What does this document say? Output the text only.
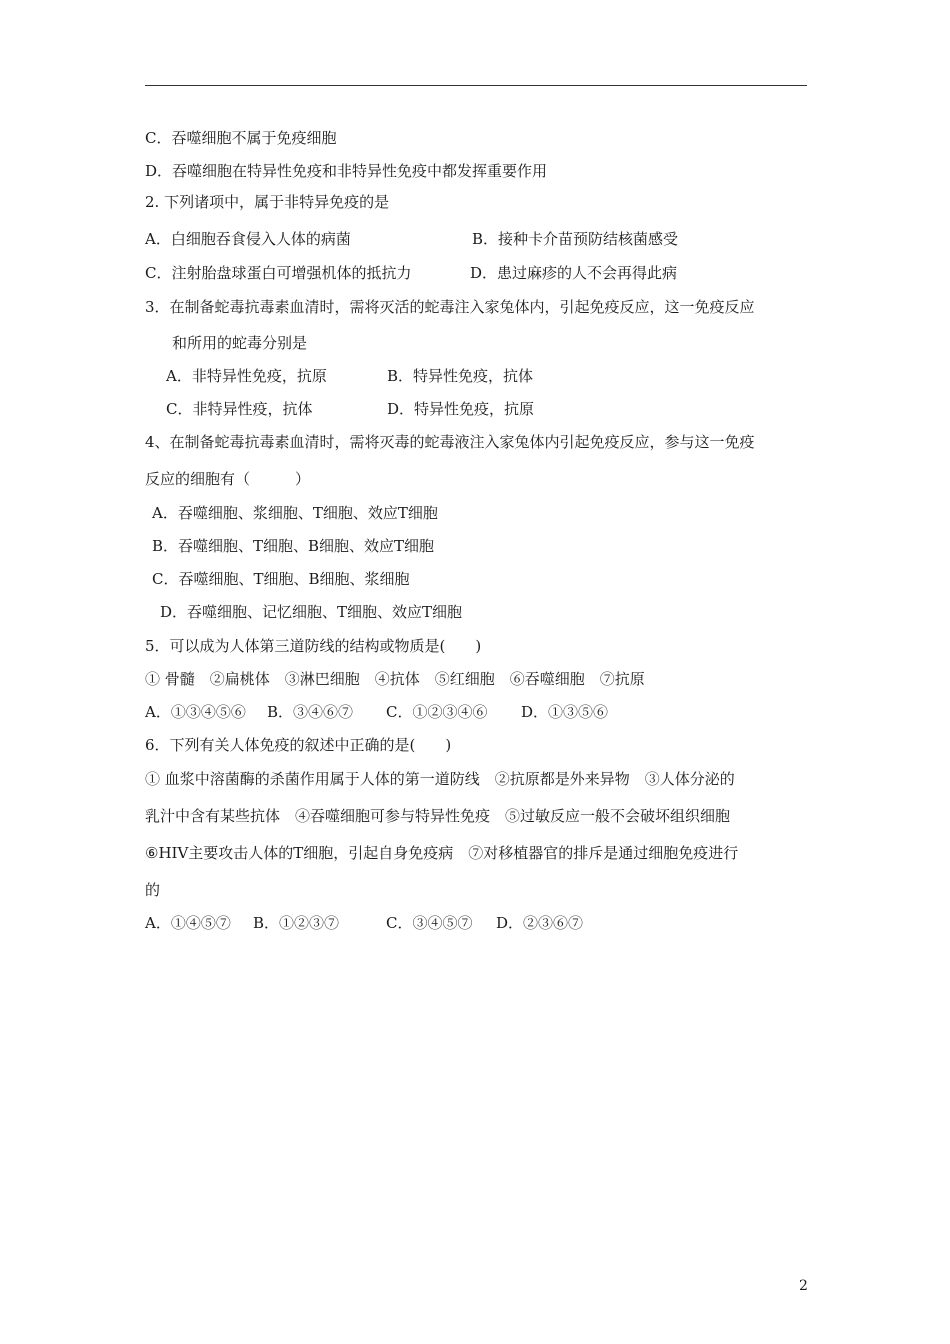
C．吞噬细胞不属于免疫细胞
D．吞噬细胞在特异性免疫和非特异性免疫中都发挥重要作用
2. 下列诸项中，属于非特异免疫的是
A．白细胞吞食侵入人体的病菌	B．接种卡介苗预防结核菌感受
C．注射胎盘球蛋白可增强机体的抵抗力	D．患过麻疹的人不会再得此病
3．在制备蛇毒抗毒素血清时，需将灭活的蛇毒注入家兔体内，引起免疫反应，这一免疫反应
和所用的蛇毒分别是
A．非特异性免疫，抗原	B．特异性免疫，抗体
C．非特异性疫，抗体	D．特异性免疫，抗原
4、在制备蛇毒抗毒素血清时，需将灭毒的蛇毒液注入家兔体内引起免疫反应，参与这一免疫
反应的细胞有（　　　）
A．吞噬细胞、浆细胞、T细胞、效应T细胞
B．吞噬细胞、T细胞、B细胞、效应T细胞
C．吞噬细胞、T细胞、B细胞、浆细胞
D．吞噬细胞、记忆细胞、T细胞、效应T细胞
5．可以成为人体第三道防线的结构或物质是(　　)
① 骨髓　②扁桃体　③淋巴细胞　④抗体　⑤红细胞　⑥吞噬细胞　⑦抗原
A．①③④⑤⑥ B．③④⑥⑦ C．①②③④⑥ D．①③⑤⑥
6．下列有关人体免疫的叙述中正确的是(　　)
① 血浆中溶菌酶的杀菌作用属于人体的第一道防线　②抗原都是外来异物　③人体分泌的
乳汁中含有某些抗体　④吞噬细胞可参与特异性免疫　⑤过敏反应一般不会破坏组织细胞
⑥HIV主要攻击人体的T细胞，引起自身免疫病　⑦对移植器官的排斥是通过细胞免疫进行
的
A．①④⑤⑦ B．①②③⑦	C．③④⑤⑦ D．②③⑥⑦
2
